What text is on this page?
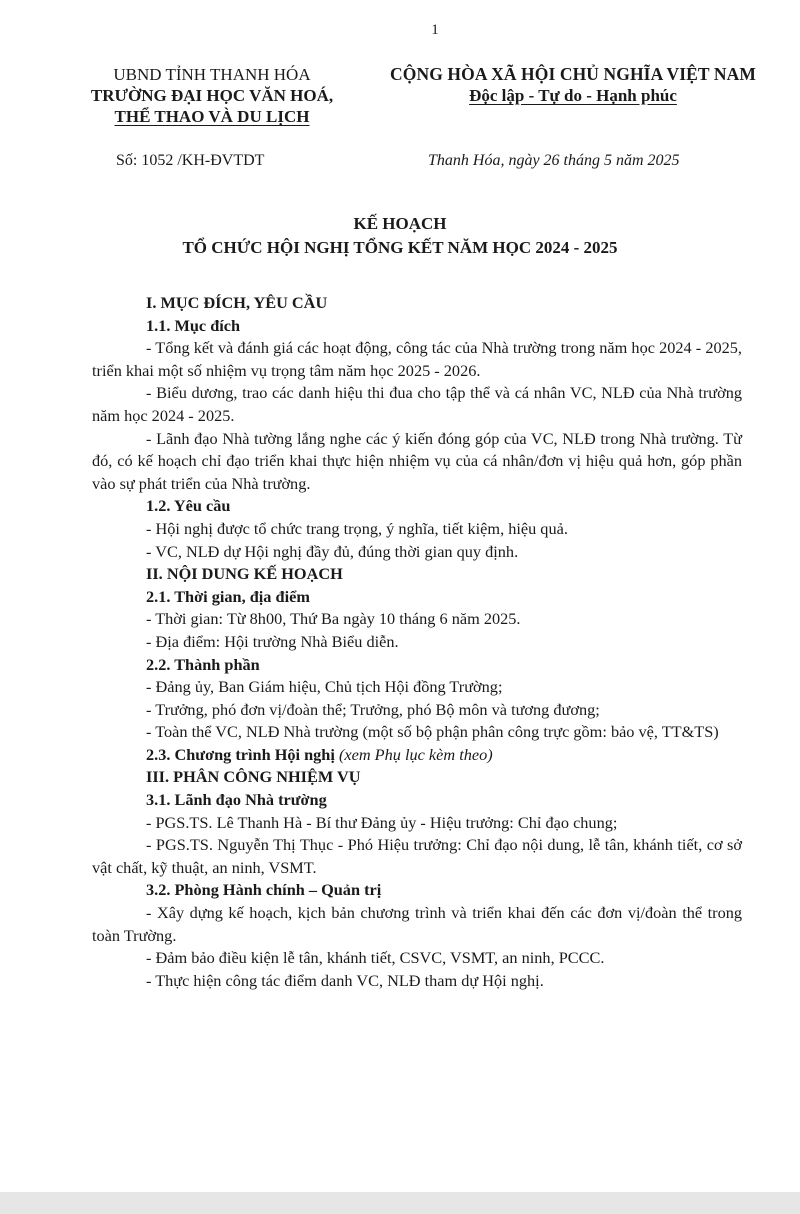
1
UBND TỈNH THANH HÓA
TRƯỜNG ĐẠI HỌC VĂN HOÁ,
THỂ THAO VÀ DU LỊCH
CỘNG HÒA XÃ HỘI CHỦ NGHĨA VIỆT NAM
Độc lập - Tự do - Hạnh phúc
Số: 1052 /KH-ĐVTDT	Thanh Hóa, ngày 26 tháng 5 năm 2025
KẾ HOẠCH
TỔ CHỨC HỘI NGHỊ TỔNG KẾT NĂM HỌC 2024 - 2025

I. MỤC ĐÍCH, YÊU CẦU

1.1. Mục đích

- Tổng kết và đánh giá các hoạt động, công tác của Nhà trường trong năm học 2024 - 2025, triển khai một số nhiệm vụ trọng tâm năm học 2025 - 2026.

- Biểu dương, trao các danh hiệu thi đua cho tập thể và cá nhân VC, NLĐ của Nhà trường năm học 2024 - 2025.

- Lãnh đạo Nhà tường lắng nghe các ý kiến đóng góp của VC, NLĐ trong Nhà trường. Từ đó, có kế hoạch chỉ đạo triển khai thực hiện nhiệm vụ của cá nhân/đơn vị hiệu quả hơn, góp phần vào sự phát triển của Nhà trường.

1.2. Yêu cầu

- Hội nghị được tổ chức trang trọng, ý nghĩa, tiết kiệm, hiệu quả.

- VC, NLĐ dự Hội nghị đầy đủ, đúng thời gian quy định.

II. NỘI DUNG KẾ HOẠCH

2.1. Thời gian, địa điểm

- Thời gian: Từ 8h00, Thứ Ba ngày 10 tháng 6 năm 2025.

- Địa điểm: Hội trường Nhà Biểu diễn.

2.2. Thành phần

- Đảng ủy, Ban Giám hiệu, Chủ tịch Hội đồng Trường;

- Trưởng, phó đơn vị/đoàn thể; Trưởng, phó Bộ môn và tương đương;

- Toàn thể VC, NLĐ Nhà trường (một số bộ phận phân công trực gồm: bảo vệ, TT&TS)

2.3. Chương trình Hội nghị (xem Phụ lục kèm theo)

III. PHÂN CÔNG NHIỆM VỤ

3.1. Lãnh đạo Nhà trường

- PGS.TS. Lê Thanh Hà - Bí thư Đảng ủy - Hiệu trưởng: Chỉ đạo chung;

- PGS.TS. Nguyễn Thị Thục - Phó Hiệu trưởng: Chỉ đạo nội dung, lễ tân, khánh tiết, cơ sở vật chất, kỹ thuật, an ninh, VSMT.

3.2. Phòng Hành chính – Quản trị

- Xây dựng kế hoạch, kịch bản chương trình và triển khai đến các đơn vị/đoàn thể trong toàn Trường.

- Đảm bảo điều kiện lễ tân, khánh tiết, CSVC, VSMT, an ninh, PCCC.

- Thực hiện công tác điểm danh VC, NLĐ tham dự Hội nghị.
